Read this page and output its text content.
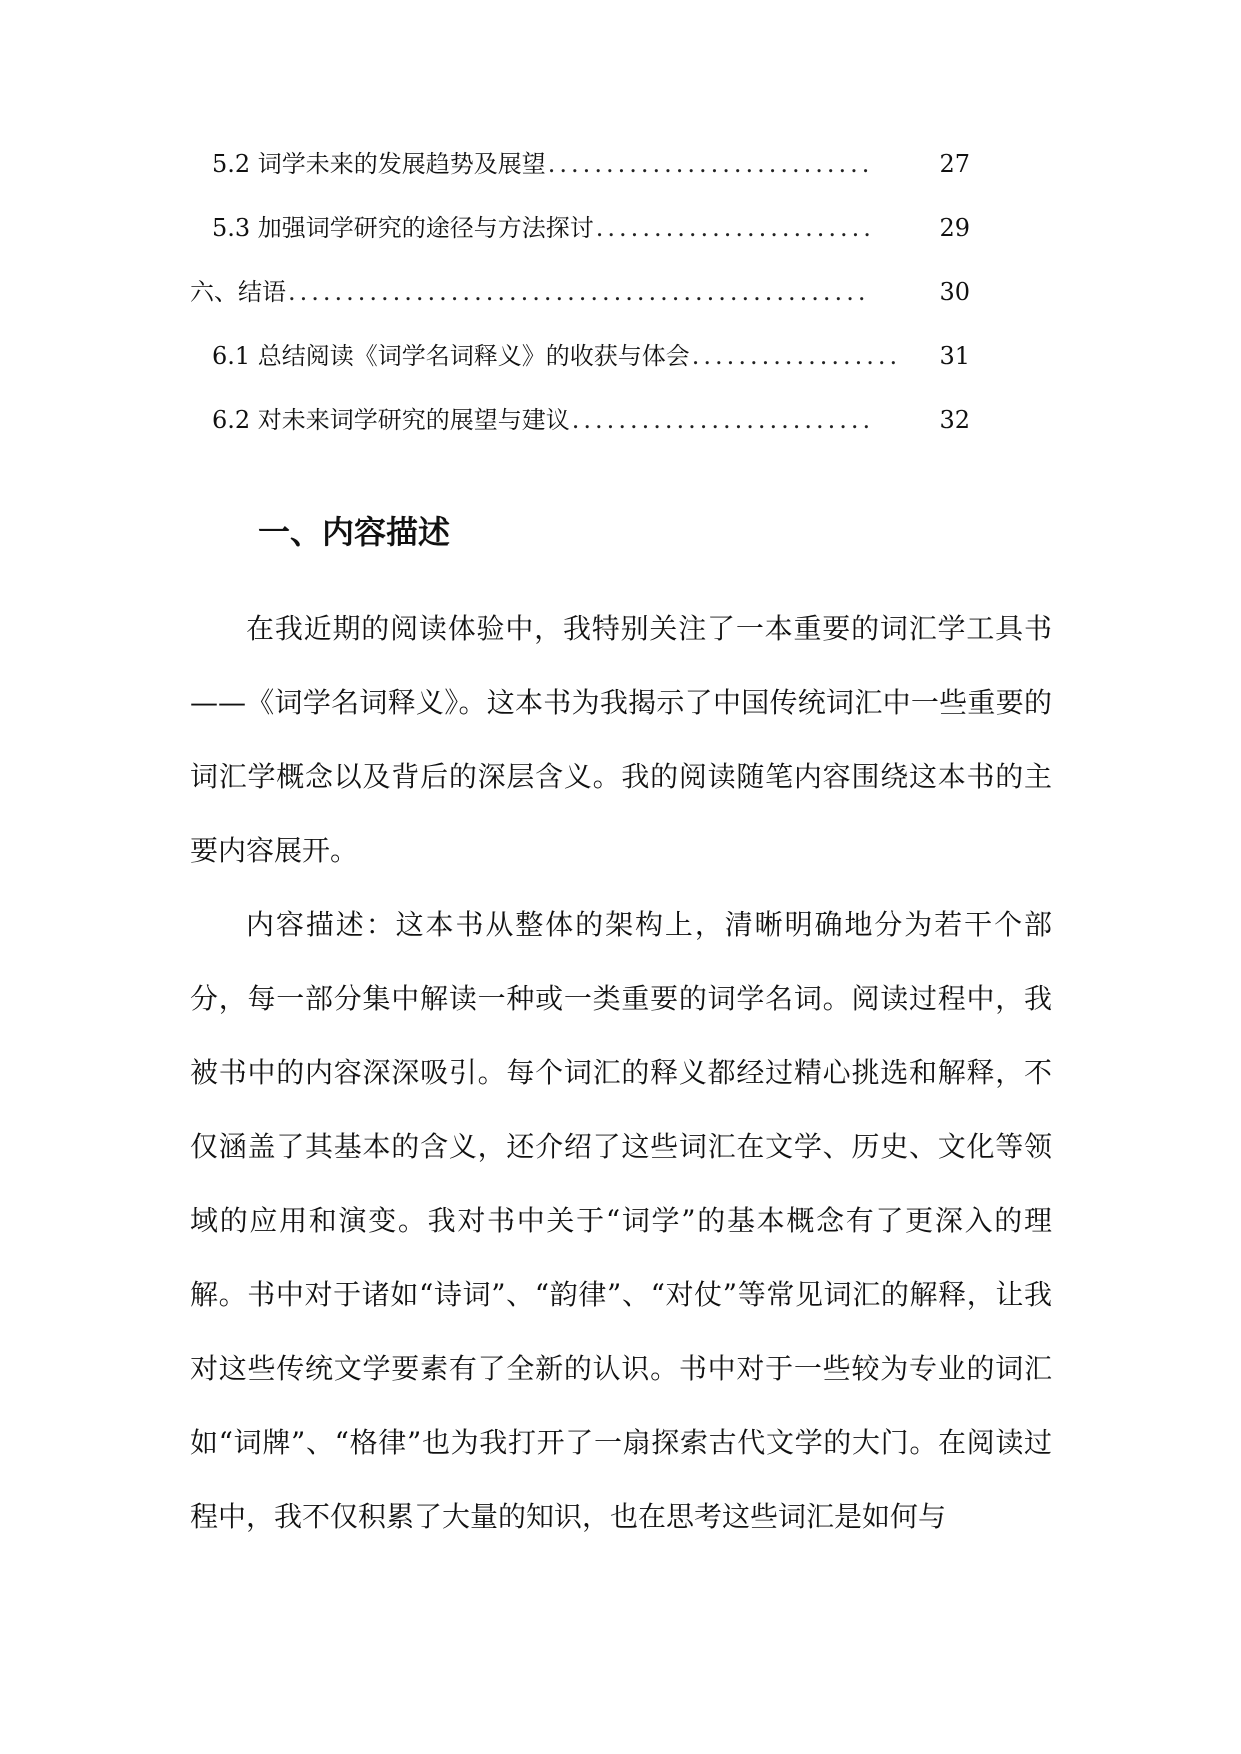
5.2 词学未来的发展趋势及展望 ............................	27
5.3 加强词学研究的途径与方法探讨 ........................	29
六、结语 ..................................................	30
6.1 总结阅读《词学名词释义》的收获与体会 ..................	31
6.2 对未来词学研究的展望与建议 ..........................	32
一、内容描述

在我近期的阅读体验中，我特别关注了一本重要的词汇学工具书——《词学名词释义》。这本书为我揭示了中国传统词汇中一些重要的词汇学概念以及背后的深层含义。我的阅读随笔内容围绕这本书的主要内容展开。

内容描述：这本书从整体的架构上，清晰明确地分为若干个部分，每一部分集中解读一种或一类重要的词学名词。阅读过程中，我被书中的内容深深吸引。每个词汇的释义都经过精心挑选和解释，不仅涵盖了其基本的含义，还介绍了这些词汇在文学、历史、文化等领域的应用和演变。我对书中关于“词学”的基本概念有了更深入的理解。书中对于诸如“诗词”、“韵律”、“对仗”等常见词汇的解释，让我对这些传统文学要素有了全新的认识。书中对于一些较为专业的词汇如“词牌”、“格律”也为我打开了一扇探索古代文学的大门。在阅读过程中，我不仅积累了大量的知识，也在思考这些词汇是如何与
